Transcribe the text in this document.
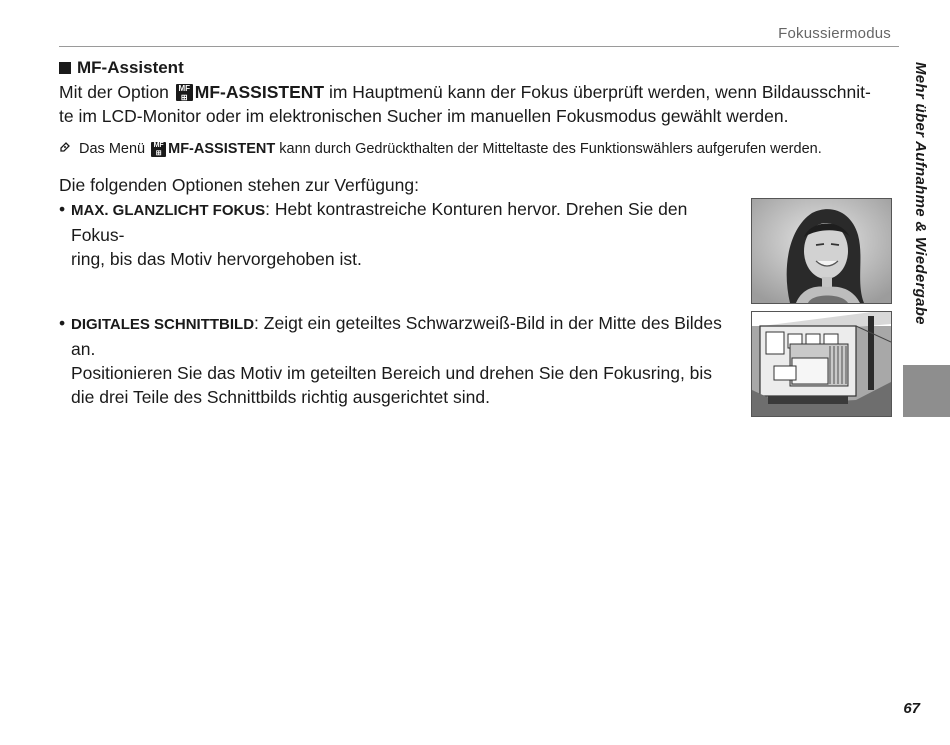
Fokussiermodus
Mehr über Aufnahme & Wiedergabe
MF-Assistent
Mit der Option MF
⊞ MF-ASSISTENT im Hauptmenü kann der Fokus überprüft werden, wenn Bildausschnit-
te im LCD-Monitor oder im elektronischen Sucher im manuellen Fokusmodus gewählt werden.
Das Menü MF
⊞ MF-ASSISTENT kann durch Gedrückthalten der Mitteltaste des Funktionswählers aufgerufen werden.
Die folgenden Optionen stehen zur Verfügung:
• MAX. GLANZLICHT FOKUS: Hebt kontrastreiche Konturen hervor. Drehen Sie den Fokus-
ring, bis das Motiv hervorgehoben ist.
• DIGITALES SCHNITTBILD: Zeigt ein geteiltes Schwarzweiß-Bild in der Mitte des Bildes an.
Positionieren Sie das Motiv im geteilten Bereich und drehen Sie den Fokusring, bis
die drei Teile des Schnittbilds richtig ausgerichtet sind.
67
